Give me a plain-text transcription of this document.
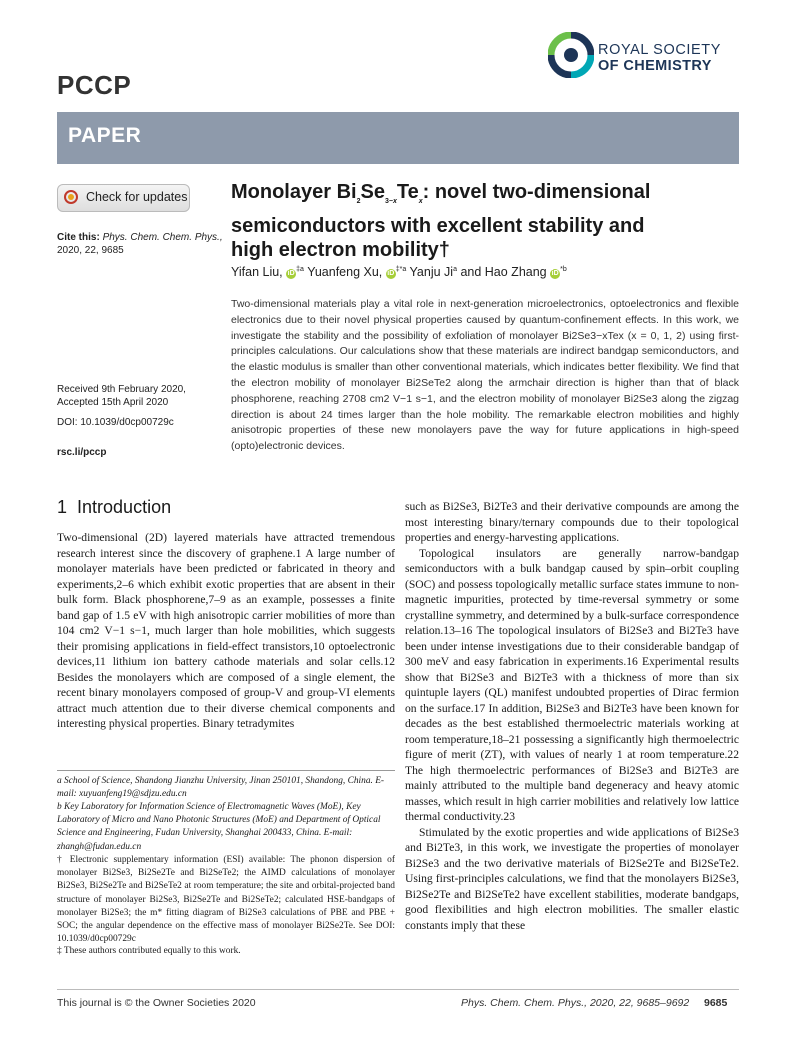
PCCP
ROYAL SOCIETY
OF CHEMISTRY
PAPER
Check for updates
Cite this: Phys. Chem. Chem. Phys.,
2020, 22, 9685
Received 9th February 2020,
Accepted 15th April 2020
DOI: 10.1039/d0cp00729c
rsc.li/pccp
Monolayer $Bi_2Se_{3-x}Te_x$: novel two-dimensional
semiconductors with excellent stability and
high electron mobility†
Yifan Liu, $iD^{\ddagger a}$ Yuanfeng Xu, $iD^{\ddagger*a}$ Yanju Ji$^a$ and Hao Zhang $iD^{*b}$
Two-dimensional materials play a vital role in next-generation microelectronics, optoelectronics and flexible electronics due to their novel physical properties caused by quantum-confinement effects. In this work, we investigate the stability and the possibility of exfoliation of monolayer Bi2Se3−xTex (x = 0, 1, 2) using first-principles calculations. Our calculations show that these materials are indirect bandgap semiconductors, and the elastic modulus is smaller than other conventional materials, which indicates better flexibility. We find that the electron mobility of monolayer Bi2SeTe2 along the armchair direction is higher than that of black phosphorene, reaching 2708 cm2 V−1 s−1, and the electron mobility of monolayer Bi2Se3 along the zigzag direction is about 24 times larger than the hole mobility. The remarkable electron mobilities and highly anisotropic properties of these new monolayers pave the way for future applications in high-speed (opto)electronic devices.
1 Introduction

Two-dimensional (2D) layered materials have attracted tremendous research interest since the discovery of graphene.1 A large number of monolayer materials have been predicted or fabricated in theory and experiments,2–6 which exhibit exotic properties that are absent in their bulk form. Black phosphorene,7–9 as an example, possesses a finite band gap of 1.5 eV with high anisotropic carrier mobilities of more than 104 cm2 V−1 s−1, much larger than hole mobilities, which suggests their promising applications in field-effect transistors,10 optoelectronic devices,11 lithium ion battery cathode materials and solar cells.12 Besides the monolayers which are composed of a single element, the recent binary monolayers composed of group-V and group-VI elements attract much attention due to their diverse chemical components and interesting physical properties. Binary tetradymites

a School of Science, Shandong Jianzhu University, Jinan 250101, Shandong, China. E-mail: xuyuanfeng19@sdjzu.edu.cn
b Key Laboratory for Information Science of Electromagnetic Waves (MoE), Key Laboratory of Micro and Nano Photonic Structures (MoE) and Department of Optical Science and Engineering, Fudan University, Shanghai 200433, China. E-mail: zhangh@fudan.edu.cn
† Electronic supplementary information (ESI) available: The phonon dispersion of monolayer Bi2Se3, Bi2Se2Te and Bi2SeTe2; the AIMD calculations of monolayer Bi2Se3, Bi2Se2Te and Bi2SeTe2 at room temperature; the site and orbital-projected band structure of monolayer Bi2Se3, Bi2Se2Te and Bi2SeTe2; calculated HSE-bandgaps of monolayer Bi2Se3; the m* fitting diagram of Bi2Se3 calculations of PBE and PBE + SOC; the angular dependence on the effective mass of monolayer Bi2Se2Te. See DOI: 10.1039/d0cp00729c
‡ These authors contributed equally to this work.

such as Bi2Se3, Bi2Te3 and their derivative compounds are among the most interesting binary/ternary compounds due to their topological properties and energy-harvesting applications.

Topological insulators are generally narrow-bandgap semiconductors with a bulk bandgap caused by spin–orbit coupling (SOC) and possess topologically metallic surface states immune to non-magnetic impurities, protected by time-reversal symmetry or some crystalline symmetry, and determined by a bulk-surface correspondence relation.13–16 The topological insulators of Bi2Se3 and Bi2Te3 have been under intense investigations due to their considerable bandgap of 300 meV and easy fabrication in experiments.16 Experimental results show that Bi2Se3 and Bi2Te3 with a thickness of more than six quintuple layers (QL) manifest undoubted properties of Dirac fermion on the surface.17 In addition, Bi2Se3 and Bi2Te3 have been known for decades as the best established thermoelectric materials working at room temperature,18–21 possessing a significantly high thermoelectric figure of merit (ZT), with values of nearly 1 at room temperature.22 The high thermoelectric performances of Bi2Se3 and Bi2Te3 are mainly attributed to the multiple band degeneracy and heavy atomic masses, which result in high carrier mobilities and relatively low lattice thermal conductivity.23

Stimulated by the exotic properties and wide applications of Bi2Se3 and Bi2Te3, in this work, we investigate the properties of monolayer Bi2Se3 and the two derivative materials of Bi2Se2Te and Bi2SeTe2. Using first-principles calculations, we find that the monolayers Bi2Se3, Bi2Se2Te and Bi2SeTe2 have excellent stabilities, moderate bandgaps, good flexibilities and high electron mobilities. The smaller elastic constants imply that these

This journal is © the Owner Societies 2020	Phys. Chem. Chem. Phys., 2020, 22, 9685–9692 9685
